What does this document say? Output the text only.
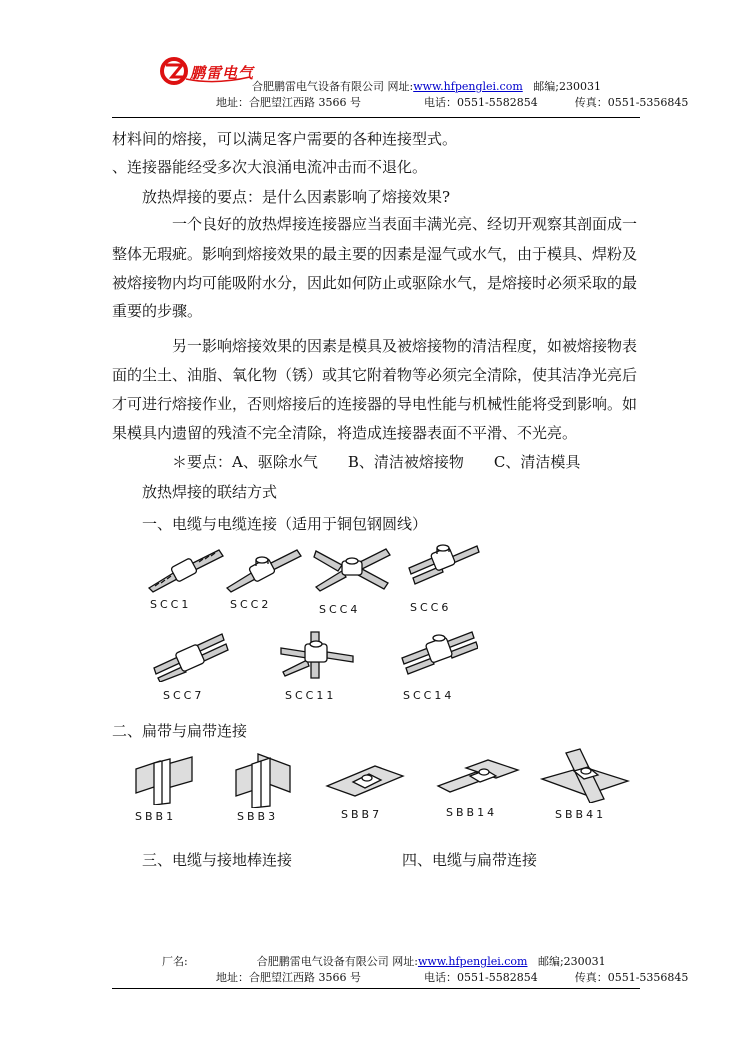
鹏雷电气
合肥鹏雷电气设备有限公司 网址:www.hfpenglei.com 邮编;230031
地址：合肥望江西路 3566 号	电话：0551-5582854	传真：0551-5356845
材料间的熔接，可以满足客户需要的各种连接型式。
、连接器能经受多次大浪涌电流冲击而不退化。
放热焊接的要点：是什么因素影响了熔接效果?
一个良好的放热焊接连接器应当表面丰满光亮、经切开观察其剖面成一
整体无瑕疵。影响到熔接效果的最主要的因素是湿气或水气，由于模具、焊粉及
被熔接物内均可能吸附水分，因此如何防止或驱除水气，是熔接时必须采取的最
重要的步骤。
另一影响熔接效果的因素是模具及被熔接物的清洁程度，如被熔接物表
面的尘土、油脂、氧化物（锈）或其它附着物等必须完全清除，使其洁净光亮后
才可进行熔接作业，否则熔接后的连接器的导电性能与机械性能将受到影响。如
果模具内遗留的残渣不完全清除，将造成连接器表面不平滑、不光亮。
＊要点：A、驱除水气　　B、清洁被熔接物　　C、清洁模具
放热焊接的联结方式
一、电缆与电缆连接（适用于铜包钢圆线）
SCC1	SCC2	SCC4	SCC6
SCC7	SCC11	SCC14
二、扁带与扁带连接
SBB1	SBB3	SBB7	SBB14	SBB41
三、电缆与接地棒连接	四、电缆与扁带连接
厂名:	合肥鹏雷电气设备有限公司 网址:www.hfpenglei.com 邮编;230031
地址：合肥望江西路 3566 号	电话：0551-5582854	传真：0551-5356845
